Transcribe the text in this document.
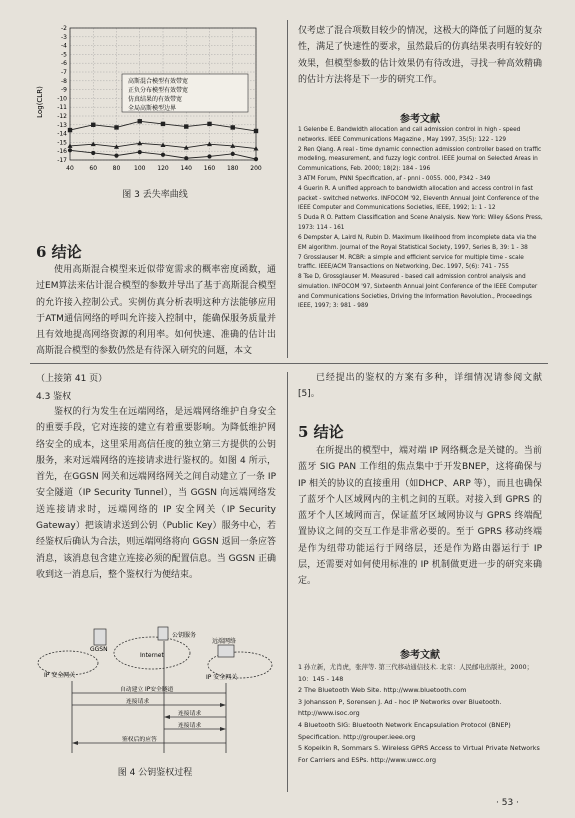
-2
-3
-4
-5
-6
-7
-8
-9
-10
-11
-12
-13
-14
-15
-16
-17
40	60	80 100 120 140 160 180 200
Log(CLR)
高斯混合模型有效带宽
正负分布模型有效带宽
仿真结果的有效带宽
全局高斯模型边界
图 3 丢失率曲线
6 结论
使用高斯混合模型来近似带宽需求的概率密度函数，通过EM算法来估计混合模型的参数并导出了基于高斯混合模型的允许接入控制公式。实例仿真分析表明这种方法能够应用于ATM通信网络的呼叫允许接入控制中，能确保服务质量并且有效地提高网络资源的利用率。如何快速、准确的估计出高斯混合模型的参数仍然是有待深入研究的问题，本文
仅考虑了混合项数目较少的情况，这极大的降低了问题的复杂性，满足了快速性的要求，虽然最后的仿真结果表明有较好的效果，但模型参数的估计效果仍有待改进，寻找一种高效精确的估计方法将是下一步的研究工作。
参考文献
1 Gelenbe E. Bandwidth allocation and call admission control in high - speed networks. IEEE Communications Magazine , May 1997, 35(5): 122 - 129
2 Ren Qiang. A real - time dynamic connection admission controller based on traffic modeling, measurement, and fuzzy logic control. IEEE Journal on Selected Areas in Communications, Feb. 2000; 18(2): 184 - 196
3 ATM Forum, PNNI Specification, af - pnni - 0055. 000, P342 - 349
4 Guerin R. A unified approach to bandwidth allocation and access control in fast packet - switched networks. INFOCOM '92, Eleventh Annual Joint Conference of the IEEE Computer and Communications Societies, IEEE, 1992; 1: 1 - 12
5 Duda R O. Pattern Classification and Scene Analysis. New York: Wiley &Sons Press, 1973: 114 - 161
6 Dempster A, Laird N, Rubin D. Maximum likelihood from incomplete data via the EM algorithm. Journal of the Royal Statistical Society, 1997, Series B, 39: 1 - 38
7 Grosslauser M. RCBR: a simple and efficient service for multiple time - scale traffic. IEEE/ACM Transactions on Networking, Dec. 1997, 5(6): 741 - 755
8 Tse D, Grossglauser M. Measured - based call admission control analysis and simulation. INFOCOM '97, Sixteenth Annual Joint Conference of the IEEE Computer and Communications Societies, Driving the Information Revolution., Proceedings IEEE, 1997; 3: 981 - 989
（上接第 41 页）
4.3 鉴权
鉴权的行为发生在远端网络，是远端网络维护自身安全的重要手段，它对连接的建立有着重要影响。为降低维护网络安全的成本，这里采用高信任度的独立第三方提供的公钥服务，来对远端网络的连接请求进行鉴权的。如图 4 所示，首先，在GGSN 网关和远端网络网关之间自动建立了一条 IP 安全隧道（IP Security Tunnel），当 GGSN 向远端网络发送连接请求时，远端网络的 IP 安全网关（IP Security Gateway）把该请求送到公钥（Public Key）服务中心，若经鉴权后确认为合法，则远端网络将向 GGSN 返回一条应答消息，该消息包含建立连接必须的配置信息。当 GGSN 正确收到这一消息后，整个鉴权行为便结束。
公钥服务
GGSN
Internet
远端网络
IP 安全网关	IP 安全网关
自动建立 IP安全隧道
连接请求
连接请求
连接请求
鉴权后的应答
图 4 公钥鉴权过程
已经提出的鉴权的方案有多种，详细情况请参阅文献[5]。
5 结论
在所提出的模型中，端对端 IP 网络概念是关键的。当前蓝牙 SIG PAN 工作组的焦点集中于开发BNEP，这将确保与 IP 相关的协议的直接重用（如DHCP、ARP 等），而且也确保了蓝牙个人区域网内的主机之间的互联。对接入到 GPRS 的蓝牙个人区域网而言，保证蓝牙区域网协议与 GPRS 终端配置协议之间的交互工作是非常必要的。至于 GPRS 移动终端是作为纽带功能运行于网络层，还是作为路由器运行于 IP 层，还需要对如何使用标准的 IP 机制做更进一步的研究来确定。
参考文献
1 孙立新，尤肖虎，张萍等. 第三代移动通信技术. 北京：人民邮电出版社，2000；10：145 - 148
2 The Bluetooth Web Site. http://www.bluetooth.com
3 Johansson P, Sorensen J. Ad - hoc IP Networks over Bluetooth. http://www.isoc.org
4 Bluetooth SIG: Bluetooth Network Encapsulation Protocol (BNEP) Specification. http://grouper.ieee.org
5 Kopeikin R, Sommars S. Wireless GPRS Access to Virtual Private Networks For Carriers and ESPs. http://www.uwcc.org
· 53 ·
